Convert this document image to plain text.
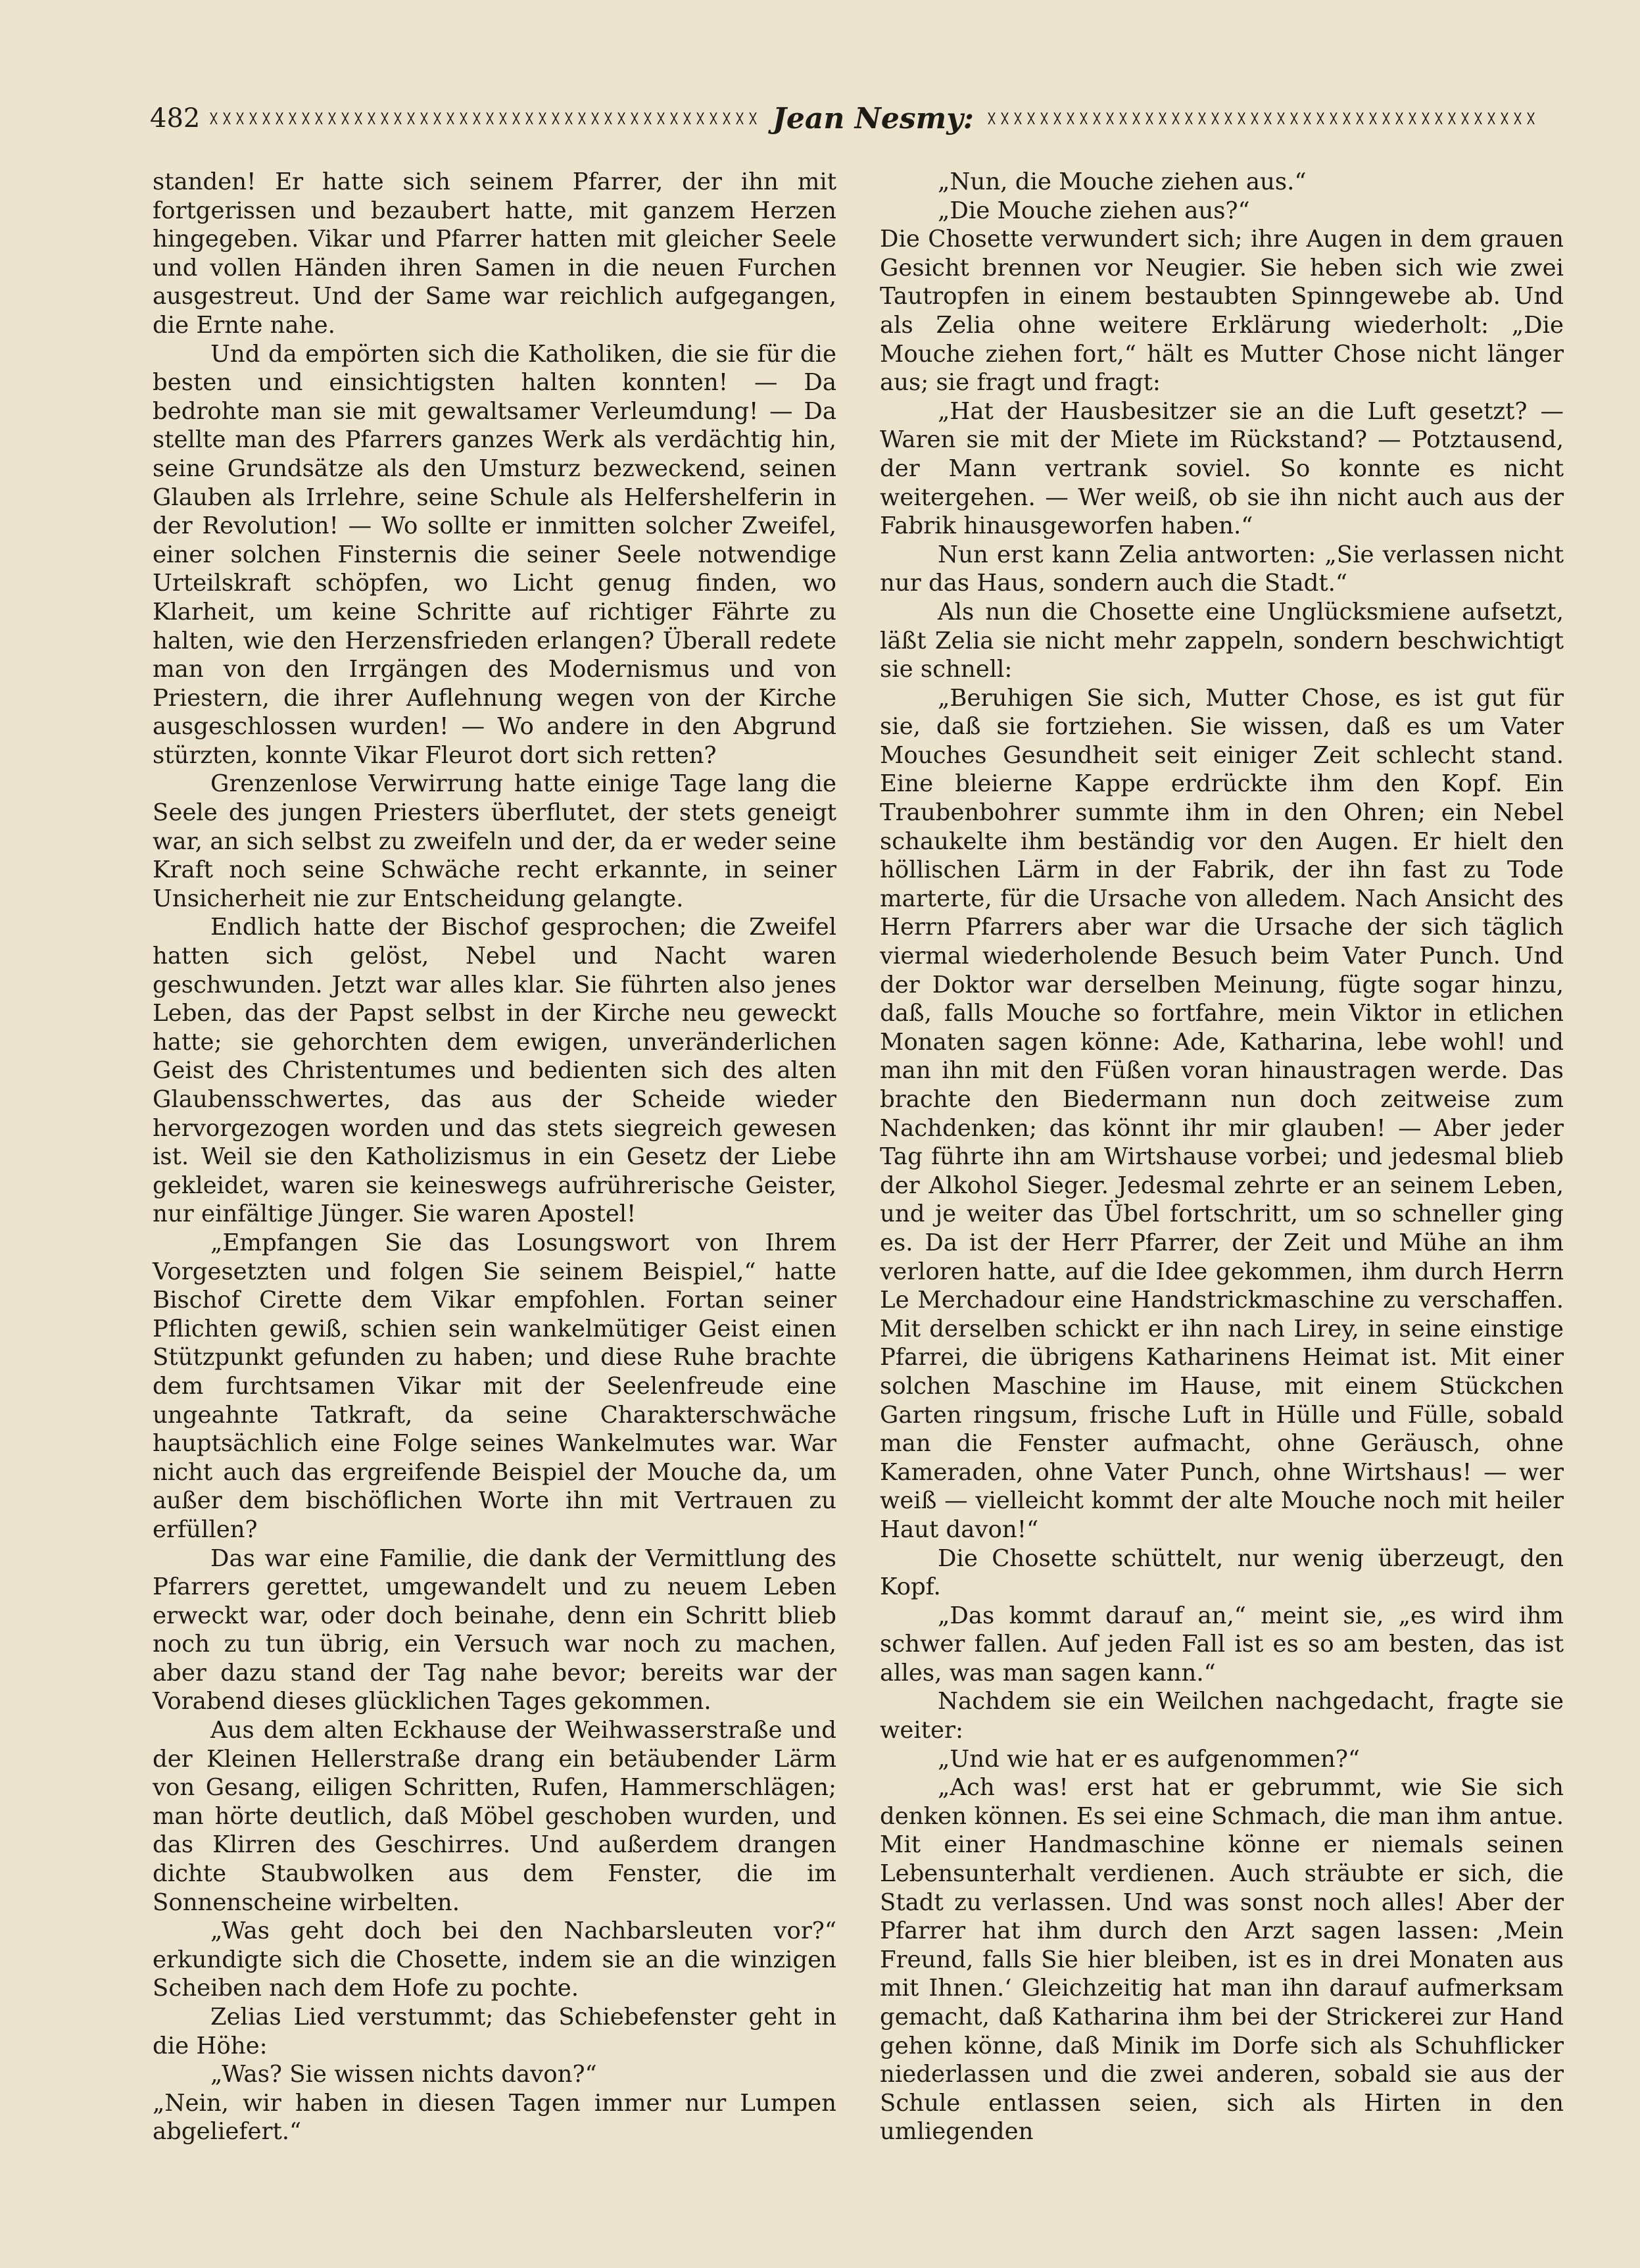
482	Jean Nesmy:

standen! Er hatte sich seinem Pfarrer, der ihn mit fortgerissen und bezaubert hatte, mit ganzem Herzen hingegeben. Vikar und Pfarrer hatten mit gleicher Seele und vollen Händen ihren Samen in die neuen Furchen ausgestreut. Und der Same war reichlich aufgegangen, die Ernte nahe.

Und da empörten sich die Katholiken, die sie für die besten und einsichtigsten halten konnten! — Da bedrohte man sie mit gewaltsamer Verleumdung! — Da stellte man des Pfarrers ganzes Werk als verdächtig hin, seine Grundsätze als den Umsturz bezweckend, seinen Glauben als Irrlehre, seine Schule als Helfershelferin in der Revolution! — Wo sollte er inmitten solcher Zweifel, einer solchen Finsternis die seiner Seele notwendige Urteilskraft schöpfen, wo Licht genug finden, wo Klarheit, um keine Schritte auf richtiger Fährte zu halten, wie den Herzensfrieden erlangen? Überall redete man von den Irrgängen des Modernismus und von Priestern, die ihrer Auflehnung wegen von der Kirche ausgeschlossen wurden! — Wo andere in den Abgrund stürzten, konnte Vikar Fleurot dort sich retten?

Grenzenlose Verwirrung hatte einige Tage lang die Seele des jungen Priesters überflutet, der stets geneigt war, an sich selbst zu zweifeln und der, da er weder seine Kraft noch seine Schwäche recht erkannte, in seiner Unsicherheit nie zur Entscheidung gelangte.

Endlich hatte der Bischof gesprochen; die Zweifel hatten sich gelöst, Nebel und Nacht waren geschwunden. Jetzt war alles klar. Sie führten also jenes Leben, das der Papst selbst in der Kirche neu geweckt hatte; sie gehorchten dem ewigen, unveränderlichen Geist des Christentumes und bedienten sich des alten Glaubensschwertes, das aus der Scheide wieder hervorgezogen worden und das stets siegreich gewesen ist. Weil sie den Katholizismus in ein Gesetz der Liebe gekleidet, waren sie keineswegs aufrührerische Geister, nur einfältige Jünger. Sie waren Apostel!

„Empfangen Sie das Losungswort von Ihrem Vorgesetzten und folgen Sie seinem Beispiel,“ hatte Bischof Cirette dem Vikar empfohlen. Fortan seiner Pflichten gewiß, schien sein wankelmütiger Geist einen Stützpunkt gefunden zu haben; und diese Ruhe brachte dem furchtsamen Vikar mit der Seelenfreude eine ungeahnte Tatkraft, da seine Charakterschwäche hauptsächlich eine Folge seines Wankelmutes war. War nicht auch das ergreifende Beispiel der Mouche da, um außer dem bischöflichen Worte ihn mit Vertrauen zu erfüllen?

Das war eine Familie, die dank der Vermittlung des Pfarrers gerettet, umgewandelt und zu neuem Leben erweckt war, oder doch beinahe, denn ein Schritt blieb noch zu tun übrig, ein Versuch war noch zu machen, aber dazu stand der Tag nahe bevor; bereits war der Vorabend dieses glücklichen Tages gekommen.

Aus dem alten Eckhause der Weihwasserstraße und der Kleinen Hellerstraße drang ein betäubender Lärm von Gesang, eiligen Schritten, Rufen, Hammerschlägen; man hörte deutlich, daß Möbel geschoben wurden, und das Klirren des Geschirres. Und außerdem drangen dichte Staubwolken aus dem Fenster, die im Sonnenscheine wirbelten.

„Was geht doch bei den Nachbarsleuten vor?“ erkundigte sich die Chosette, indem sie an die winzigen Scheiben nach dem Hofe zu pochte.

Zelias Lied verstummt; das Schiebefenster geht in die Höhe:

„Was? Sie wissen nichts davon?“

„Nein, wir haben in diesen Tagen immer nur Lumpen abgeliefert.“

„Nun, die Mouche ziehen aus.“

„Die Mouche ziehen aus?“

Die Chosette verwundert sich; ihre Augen in dem grauen Gesicht brennen vor Neugier. Sie heben sich wie zwei Tautropfen in einem bestaubten Spinngewebe ab. Und als Zelia ohne weitere Erklärung wiederholt: „Die Mouche ziehen fort,“ hält es Mutter Chose nicht länger aus; sie fragt und fragt:

„Hat der Hausbesitzer sie an die Luft gesetzt? — Waren sie mit der Miete im Rückstand? — Potztausend, der Mann vertrank soviel. So konnte es nicht weitergehen. — Wer weiß, ob sie ihn nicht auch aus der Fabrik hinausgeworfen haben.“

Nun erst kann Zelia antworten: „Sie verlassen nicht nur das Haus, sondern auch die Stadt.“

Als nun die Chosette eine Unglücksmiene aufsetzt, läßt Zelia sie nicht mehr zappeln, sondern beschwichtigt sie schnell:

„Beruhigen Sie sich, Mutter Chose, es ist gut für sie, daß sie fortziehen. Sie wissen, daß es um Vater Mouches Gesundheit seit einiger Zeit schlecht stand. Eine bleierne Kappe erdrückte ihm den Kopf. Ein Traubenbohrer summte ihm in den Ohren; ein Nebel schaukelte ihm beständig vor den Augen. Er hielt den höllischen Lärm in der Fabrik, der ihn fast zu Tode marterte, für die Ursache von alledem. Nach Ansicht des Herrn Pfarrers aber war die Ursache der sich täglich viermal wiederholende Besuch beim Vater Punch. Und der Doktor war derselben Meinung, fügte sogar hinzu, daß, falls Mouche so fortfahre, mein Viktor in etlichen Monaten sagen könne: Ade, Katharina, lebe wohl! und man ihn mit den Füßen voran hinaustragen werde. Das brachte den Biedermann nun doch zeitweise zum Nachdenken; das könnt ihr mir glauben! — Aber jeder Tag führte ihn am Wirtshause vorbei; und jedesmal blieb der Alkohol Sieger. Jedesmal zehrte er an seinem Leben, und je weiter das Übel fortschritt, um so schneller ging es. Da ist der Herr Pfarrer, der Zeit und Mühe an ihm verloren hatte, auf die Idee gekommen, ihm durch Herrn Le Merchadour eine Handstrickmaschine zu verschaffen. Mit derselben schickt er ihn nach Lirey, in seine einstige Pfarrei, die übrigens Katharinens Heimat ist. Mit einer solchen Maschine im Hause, mit einem Stückchen Garten ringsum, frische Luft in Hülle und Fülle, sobald man die Fenster aufmacht, ohne Geräusch, ohne Kameraden, ohne Vater Punch, ohne Wirtshaus! — wer weiß — vielleicht kommt der alte Mouche noch mit heiler Haut davon!“

Die Chosette schüttelt, nur wenig überzeugt, den Kopf.

„Das kommt darauf an,“ meint sie, „es wird ihm schwer fallen. Auf jeden Fall ist es so am besten, das ist alles, was man sagen kann.“

Nachdem sie ein Weilchen nachgedacht, fragte sie weiter:

„Und wie hat er es aufgenommen?“

„Ach was! erst hat er gebrummt, wie Sie sich denken können. Es sei eine Schmach, die man ihm antue. Mit einer Handmaschine könne er niemals seinen Lebensunterhalt verdienen. Auch sträubte er sich, die Stadt zu verlassen. Und was sonst noch alles! Aber der Pfarrer hat ihm durch den Arzt sagen lassen: ‚Mein Freund, falls Sie hier bleiben, ist es in drei Monaten aus mit Ihnen.‘ Gleichzeitig hat man ihn darauf aufmerksam gemacht, daß Katharina ihm bei der Strickerei zur Hand gehen könne, daß Minik im Dorfe sich als Schuhflicker niederlassen und die zwei anderen, sobald sie aus der Schule entlassen seien, sich als Hirten in den umliegenden
